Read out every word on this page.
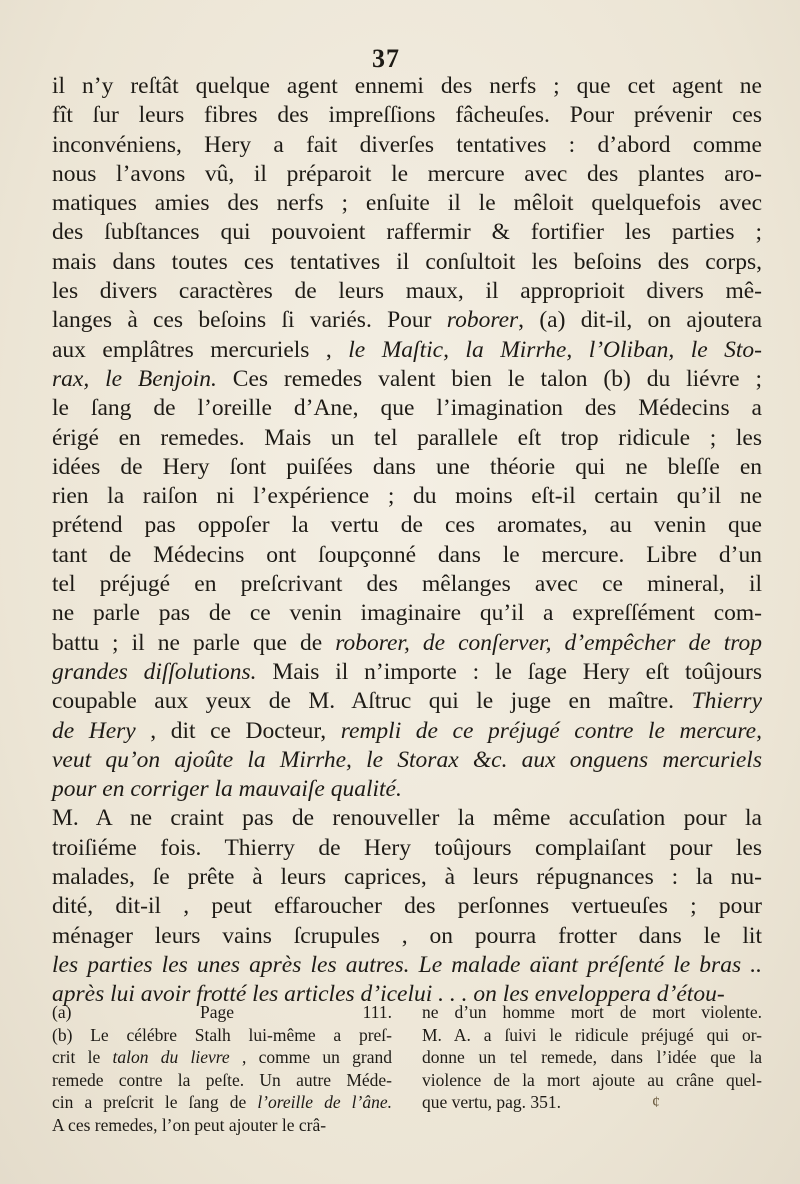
37
il n’y reſtât quelque agent ennemi des nerfs ; que cet agent ne
fît ſur leurs fibres des impreſſions fâcheuſes. Pour prévenir ces
inconvéniens, Hery a fait diverſes tentatives : d’abord comme
nous l’avons vû, il préparoit le mercure avec des plantes aro-
matiques amies des nerfs ; enſuite il le mêloit quelquefois avec
des ſubſtances qui pouvoient raffermir & fortifier les parties ;
mais dans toutes ces tentatives il conſultoit les beſoins des corps,
les divers caractères de leurs maux, il approprioit divers mê-
langes à ces beſoins ſi variés. Pour roborer, (a) dit-il, on ajoutera
aux emplâtres mercuriels , le Maſtic, la Mirrhe, l’Oliban, le Sto-
rax, le Benjoin. Ces remedes valent bien le talon (b) du liévre ;
le ſang de l’oreille d’Ane, que l’imagination des Médecins a
érigé en remedes. Mais un tel parallele eſt trop ridicule ; les
idées de Hery ſont puiſées dans une théorie qui ne bleſſe en
rien la raiſon ni l’expérience ; du moins eſt-il certain qu’il ne
prétend pas oppoſer la vertu de ces aromates, au venin que
tant de Médecins ont ſoupçonné dans le mercure. Libre d’un
tel préjugé en preſcrivant des mêlanges avec ce mineral, il
ne parle pas de ce venin imaginaire qu’il a expreſſément com-
battu ; il ne parle que de roborer, de conſerver, d’empêcher de trop
grandes diſſolutions. Mais il n’importe : le ſage Hery eſt toûjours
coupable aux yeux de M. Aſtruc qui le juge en maître. Thierry
de Hery , dit ce Docteur, rempli de ce préjugé contre le mercure,
veut qu’on ajoûte la Mirrhe, le Storax &c. aux onguens mercuriels
pour en corriger la mauvaiſe qualité.
M. A ne craint pas de renouveller la même accuſation pour la
troiſiéme fois. Thierry de Hery toûjours complaiſant pour les
malades, ſe prête à leurs caprices, à leurs répugnances : la nu-
dité, dit-il , peut effaroucher des perſonnes vertueuſes ; pour
ménager leurs vains ſcrupules , on pourra frotter dans le lit
les parties les unes après les autres. Le malade aïant préſenté le bras ..
après lui avoir frotté les articles d’icelui . . . on les enveloppera d’étou-
(a) Page 111.
(b) Le célébre Stalh lui-même a preſ-
crit le talon du lievre , comme un grand
remede contre la peſte. Un autre Méde-
cin a preſcrit le ſang de l’oreille de l’âne.
A ces remedes, l’on peut ajouter le crâ-
ne d’un homme mort de mort violente.
M. A. a ſuivi le ridicule préjugé qui or-
donne un tel remede, dans l’idée que la
violence de la mort ajoute au crâne quel-
que vertu, pag. 351.	¢
